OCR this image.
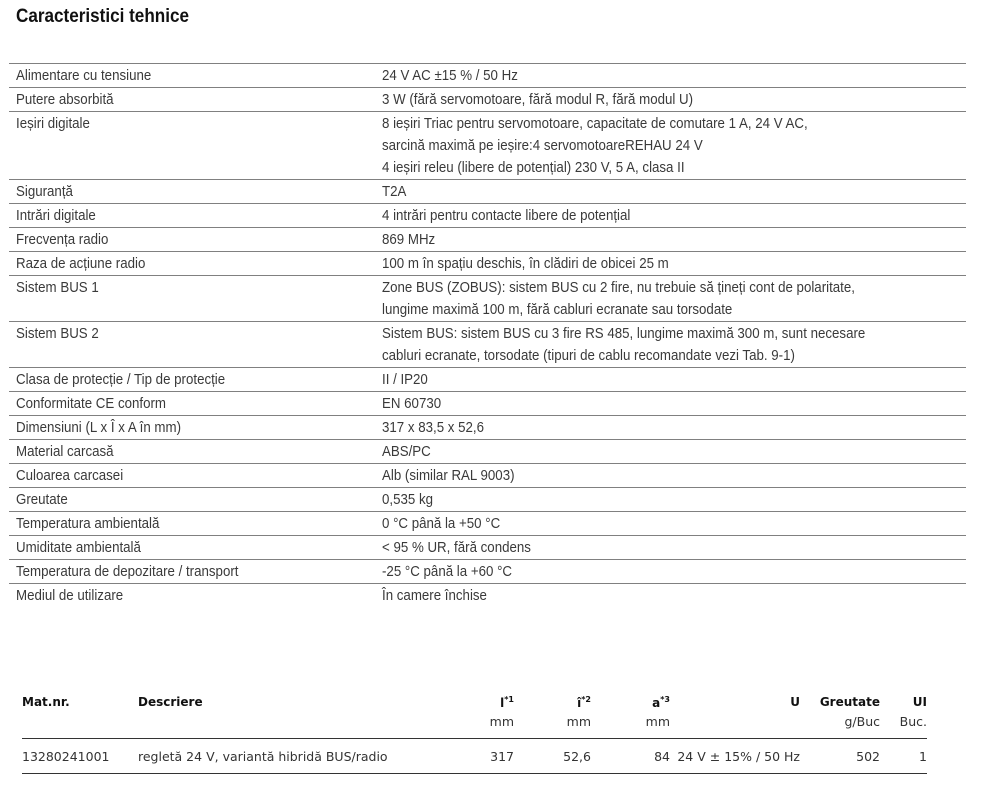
Caracteristici tehnice
Alimentare cu tensiune	24 V AC ±15 % / 50 Hz
Putere absorbită	3 W (fără servomotoare, fără modul R, fără modul U)
Ieșiri digitale	8 ieșiri Triac pentru servomotoare, capacitate de comutare 1 A, 24 V AC,
sarcină maximă pe ieșire:4 servomotoareREHAU 24 V
4 ieșiri releu (libere de potențial) 230 V, 5 A, clasa II
Siguranță	T2A
Intrări digitale	4 intrări pentru contacte libere de potențial
Frecvența radio	869 MHz
Raza de acțiune radio	100 m în spațiu deschis, în clădiri de obicei 25 m
Sistem BUS 1	Zone BUS (ZOBUS): sistem BUS cu 2 fire, nu trebuie să țineți cont de polaritate,
lungime maximă 100 m, fără cabluri ecranate sau torsodate
Sistem BUS 2	Sistem BUS: sistem BUS cu 3 fire RS 485, lungime maximă 300 m, sunt necesare
cabluri ecranate, torsodate (tipuri de cablu recomandate vezi Tab. 9-1)
Clasa de protecție / Tip de protecție	II / IP20
Conformitate CE conform	EN 60730
Dimensiuni (L x Î x A în mm)	317 x 83,5 x 52,6
Material carcasă	ABS/PC
Culoarea carcasei	Alb (similar RAL 9003)
Greutate	0,535 kg
Temperatura ambientală	0 °C până la +50 °C
Umiditate ambientală	< 95 % UR, fără condens
Temperatura de depozitare / transport	-25 °C până la +60 °C
Mediul de utilizare	În camere închise
Mat.nr.	Descriere	$l^{*1}$	$î^{*2}$	$a^{*3}$	U	Greutate	UI
		mm	mm	mm		g/Buc	Buc.
13280241001	regletă 24 V, variantă hibridă BUS/radio	317	52,6	84	24 V ± 15% / 50 Hz	502	1
